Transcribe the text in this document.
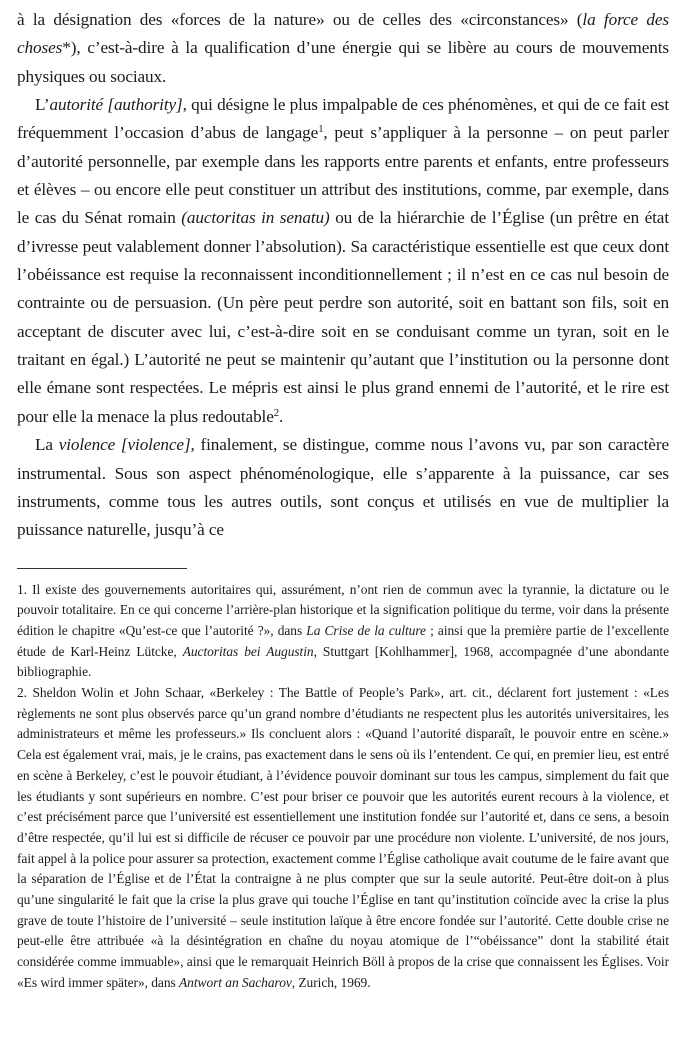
à la désignation des «forces de la nature» ou de celles des «circonstances» (la force des choses*), c’est-à-dire à la qualification d’une énergie qui se libère au cours de mouvements physiques ou sociaux.

L’autorité [authority], qui désigne le plus impalpable de ces phénomènes, et qui de ce fait est fréquemment l’occasion d’abus de langage$^1$, peut s’appliquer à la personne – on peut parler d’autorité personnelle, par exemple dans les rapports entre parents et enfants, entre professeurs et élèves – ou encore elle peut constituer un attribut des institutions, comme, par exemple, dans le cas du Sénat romain (auctoritas in senatu) ou de la hiérarchie de l’Église (un prêtre en état d’ivresse peut valablement donner l’absolution). Sa caractéristique essentielle est que ceux dont l’obéissance est requise la reconnaissent inconditionnellement ; il n’est en ce cas nul besoin de contrainte ou de persuasion. (Un père peut perdre son autorité, soit en battant son fils, soit en acceptant de discuter avec lui, c’est-à-dire soit en se conduisant comme un tyran, soit en le traitant en égal.) L’autorité ne peut se maintenir qu’autant que l’institution ou la personne dont elle émane sont respectées. Le mépris est ainsi le plus grand ennemi de l’autorité, et le rire est pour elle la menace la plus redoutable$^2$.

La violence [violence], finalement, se distingue, comme nous l’avons vu, par son caractère instrumental. Sous son aspect phénoménologique, elle s’apparente à la puissance, car ses instruments, comme tous les autres outils, sont conçus et utilisés en vue de multiplier la puissance naturelle, jusqu’à ce

1. Il existe des gouvernements autoritaires qui, assurément, n’ont rien de commun avec la tyrannie, la dictature ou le pouvoir totalitaire. En ce qui concerne l’arrière-plan historique et la signification politique du terme, voir dans la présente édition le chapitre «Qu’est-ce que l’autorité ?», dans La Crise de la culture ; ainsi que la première partie de l’excellente étude de Karl-Heinz Lütcke, Auctoritas bei Augustin, Stuttgart [Kohlhammer], 1968, accompagnée d’une abondante bibliographie.

2. Sheldon Wolin et John Schaar, «Berkeley : The Battle of People’s Park», art. cit., déclarent fort justement : «Les règlements ne sont plus observés parce qu’un grand nombre d’étudiants ne respectent plus les autorités universitaires, les administrateurs et même les professeurs.» Ils concluent alors : «Quand l’autorité disparaît, le pouvoir entre en scène.» Cela est également vrai, mais, je le crains, pas exactement dans le sens où ils l’entendent. Ce qui, en premier lieu, est entré en scène à Berkeley, c’est le pouvoir étudiant, à l’évidence pouvoir dominant sur tous les campus, simplement du fait que les étudiants y sont supérieurs en nombre. C’est pour briser ce pouvoir que les autorités eurent recours à la violence, et c’est précisément parce que l’université est essentiellement une institution fondée sur l’autorité et, dans ce sens, a besoin d’être respectée, qu’il lui est si difficile de récuser ce pouvoir par une procédure non violente. L’université, de nos jours, fait appel à la police pour assurer sa protection, exactement comme l’Église catholique avait coutume de le faire avant que la séparation de l’Église et de l’État la contraigne à ne plus compter que sur la seule autorité. Peut-être doit-on à plus qu’une singularité le fait que la crise la plus grave qui touche l’Église en tant qu’institution coïncide avec la crise la plus grave de toute l’histoire de l’université – seule institution laïque à être encore fondée sur l’autorité. Cette double crise ne peut-elle être attribuée «à la désintégration en chaîne du noyau atomique de l’“obéissance” dont la stabilité était considérée comme immuable», ainsi que le remarquait Heinrich Böll à propos de la crise que connaissent les Églises. Voir «Es wird immer später», dans Antwort an Sacharov, Zurich, 1969.
